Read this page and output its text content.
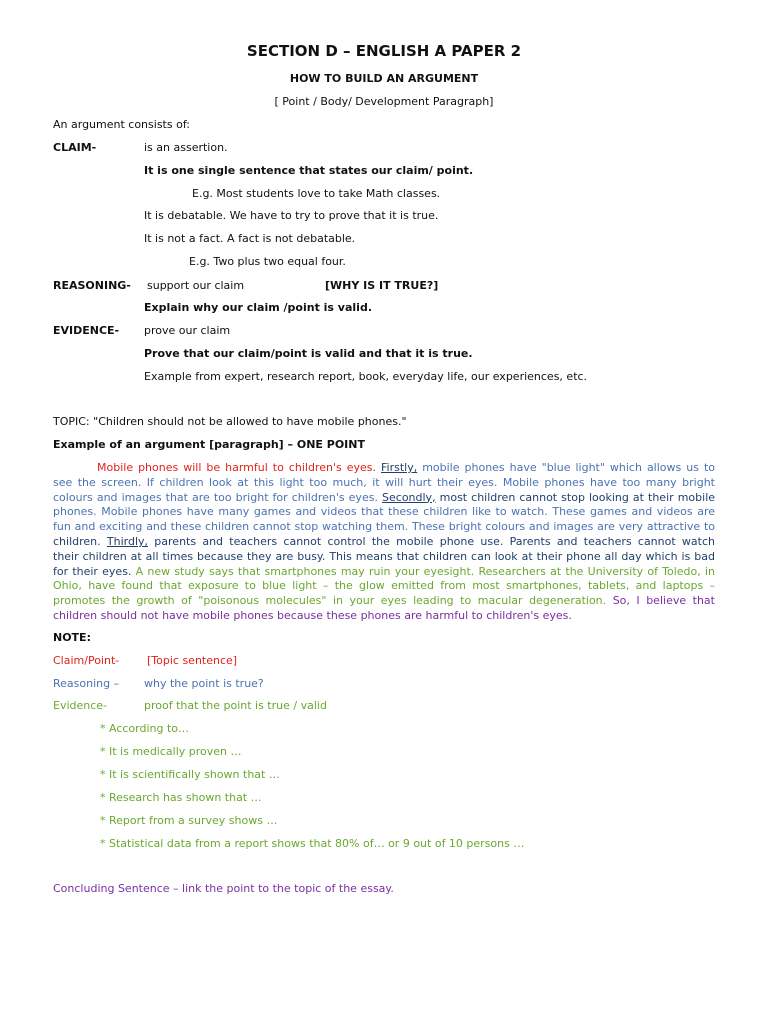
SECTION D – ENGLISH A PAPER 2
HOW TO BUILD AN ARGUMENT
[ Point / Body/ Development Paragraph]
An argument consists of:
CLAIM-	is an assertion.
It is one single sentence that states our claim/ point.
E.g. Most students love to take Math classes.
It is debatable. We have to try to prove that it is true.
It is not a fact. A fact is not debatable.
E.g. Two plus two equal four.
REASONING- support our claim	[WHY IS IT TRUE?]
Explain why our claim /point is valid.
EVIDENCE- prove our claim
Prove that our claim/point is valid and that it is true.
Example from expert, research report, book, everyday life, our experiences, etc.
TOPIC: "Children should not be allowed to have mobile phones."
Example of an argument [paragraph] – ONE POINT
Mobile phones will be harmful to children's eyes. Firstly, mobile phones have "blue light" which allows us to
see the screen. If children look at this light too much, it will hurt their eyes. Mobile phones have too many bright
colours and images that are too bright for children's eyes. Secondly, most children cannot stop looking at their mobile
phones. Mobile phones have many games and videos that these children like to watch. These games and videos are
fun and exciting and these children cannot stop watching them. These bright colours and images are very attractive to
children. Thirdly, parents and teachers cannot control the mobile phone use. Parents and teachers cannot watch
their children at all times because they are busy. This means that children can look at their phone all day which is bad
for their eyes. A new study says that smartphones may ruin your eyesight. Researchers at the University of Toledo, in
Ohio, have found that exposure to blue light – the glow emitted from most smartphones, tablets, and laptops –
promotes the growth of "poisonous molecules" in your eyes leading to macular degeneration. So, I believe that
children should not have mobile phones because these phones are harmful to children's eyes.
NOTE:
Claim/Point-	[Topic sentence]
Reasoning – why the point is true?
Evidence-	proof that the point is true / valid
* According to…
* It is medically proven …
* It is scientifically shown that …
* Research has shown that …
* Report from a survey shows …
* Statistical data from a report shows that 80% of… or 9 out of 10 persons …
Concluding Sentence – link the point to the topic of the essay.
